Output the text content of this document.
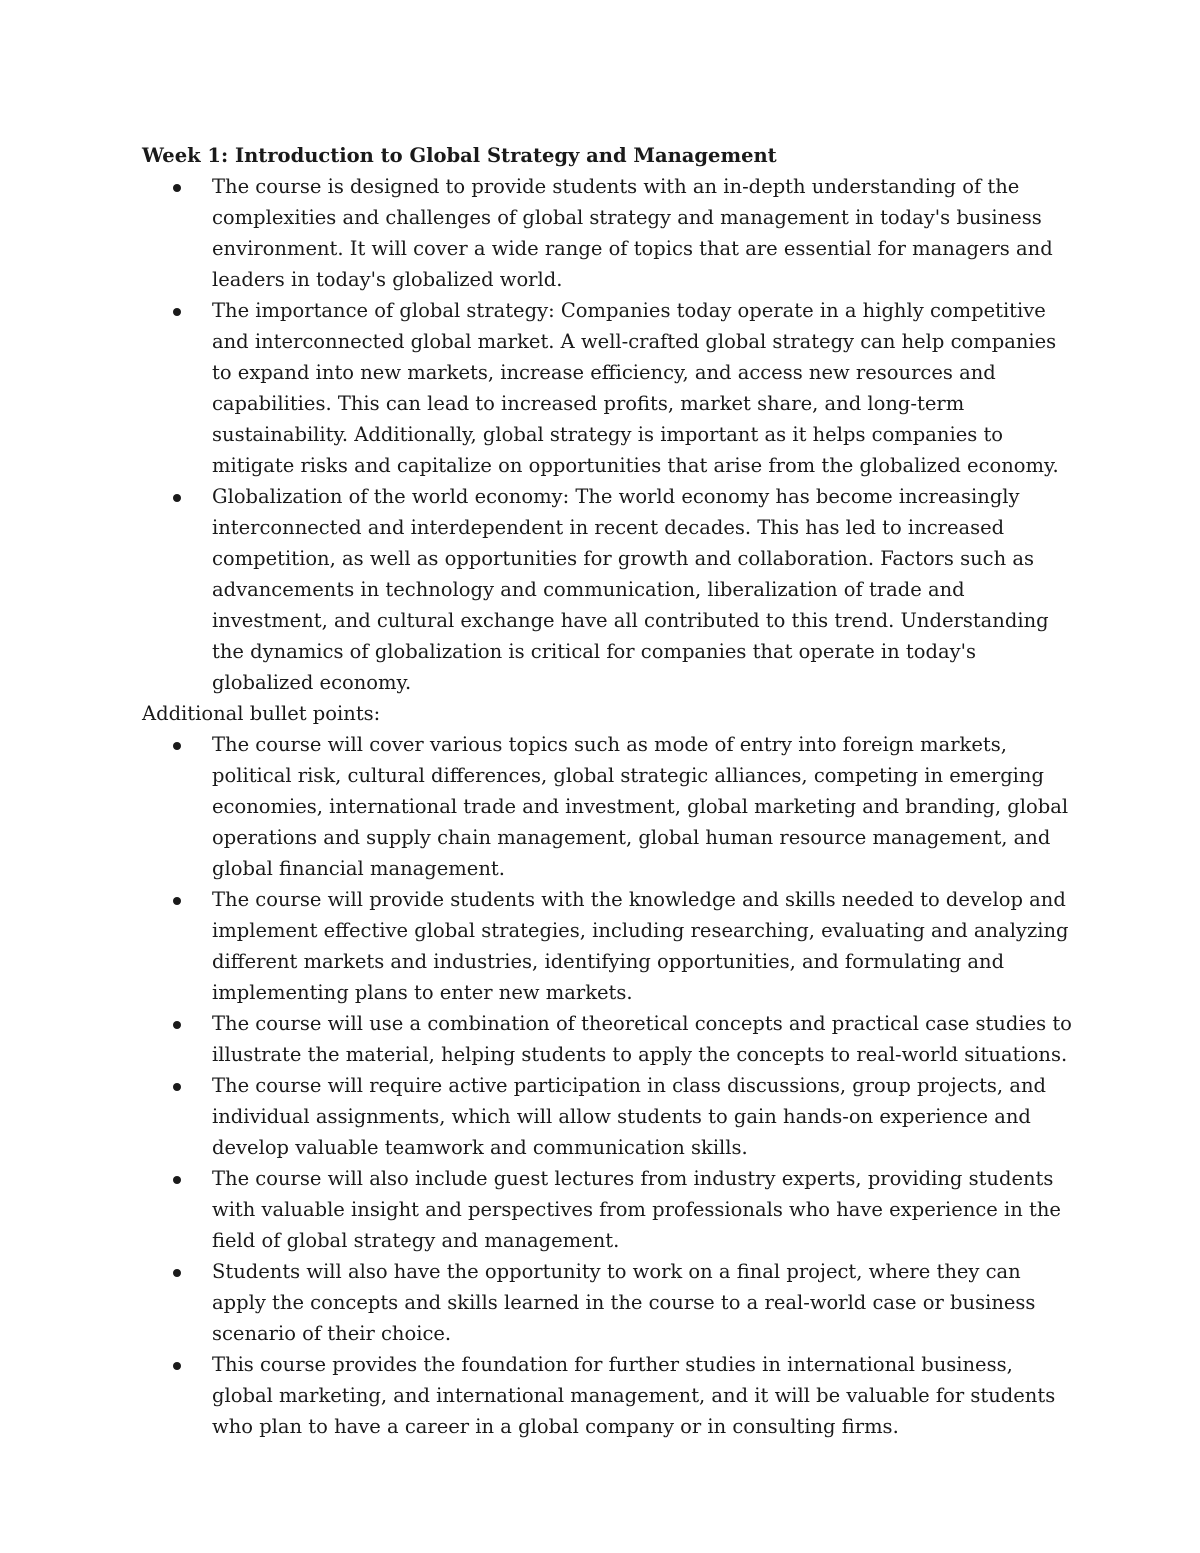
Week 1: Introduction to Global Strategy and Management

The course is designed to provide students with an in-depth understanding of the complexities and challenges of global strategy and management in today's business environment. It will cover a wide range of topics that are essential for managers and leaders in today's globalized world.
The importance of global strategy: Companies today operate in a highly competitive and interconnected global market. A well-crafted global strategy can help companies to expand into new markets, increase efficiency, and access new resources and capabilities. This can lead to increased profits, market share, and long-term sustainability. Additionally, global strategy is important as it helps companies to mitigate risks and capitalize on opportunities that arise from the globalized economy.
Globalization of the world economy: The world economy has become increasingly interconnected and interdependent in recent decades. This has led to increased competition, as well as opportunities for growth and collaboration. Factors such as advancements in technology and communication, liberalization of trade and investment, and cultural exchange have all contributed to this trend. Understanding the dynamics of globalization is critical for companies that operate in today's globalized economy.

Additional bullet points:

The course will cover various topics such as mode of entry into foreign markets, political risk, cultural differences, global strategic alliances, competing in emerging economies, international trade and investment, global marketing and branding, global operations and supply chain management, global human resource management, and global financial management.
The course will provide students with the knowledge and skills needed to develop and implement effective global strategies, including researching, evaluating and analyzing different markets and industries, identifying opportunities, and formulating and implementing plans to enter new markets.
The course will use a combination of theoretical concepts and practical case studies to illustrate the material, helping students to apply the concepts to real-world situations.
The course will require active participation in class discussions, group projects, and individual assignments, which will allow students to gain hands-on experience and develop valuable teamwork and communication skills.
The course will also include guest lectures from industry experts, providing students with valuable insight and perspectives from professionals who have experience in the field of global strategy and management.
Students will also have the opportunity to work on a final project, where they can apply the concepts and skills learned in the course to a real-world case or business scenario of their choice.
This course provides the foundation for further studies in international business, global marketing, and international management, and it will be valuable for students who plan to have a career in a global company or in consulting firms.
